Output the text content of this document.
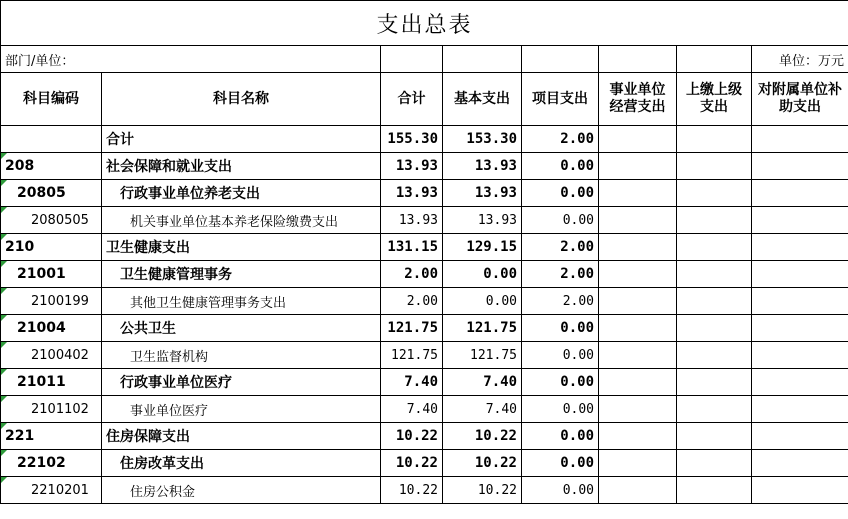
支出总表							
部门/单位：							单位：万元
科目编码	科目名称	合计	基本支出	项目支出	事业单位经营支出	上缴上级支出	对附属单位补助支出
	合计	155.30	153.30	2.00			
208	社会保障和就业支出	13.93	13.93	0.00			
20805	行政事业单位养老支出	13.93	13.93	0.00			
2080505	机关事业单位基本养老保险缴费支出	13.93	13.93	0.00			
210	卫生健康支出	131.15	129.15	2.00			
21001	卫生健康管理事务	2.00	0.00	2.00			
2100199	其他卫生健康管理事务支出	2.00	0.00	2.00			
21004	公共卫生	121.75	121.75	0.00			
2100402	卫生监督机构	121.75	121.75	0.00			
21011	行政事业单位医疗	7.40	7.40	0.00			
2101102	事业单位医疗	7.40	7.40	0.00			
221	住房保障支出	10.22	10.22	0.00			
22102	住房改革支出	10.22	10.22	0.00			
2210201	住房公积金	10.22	10.22	0.00			
